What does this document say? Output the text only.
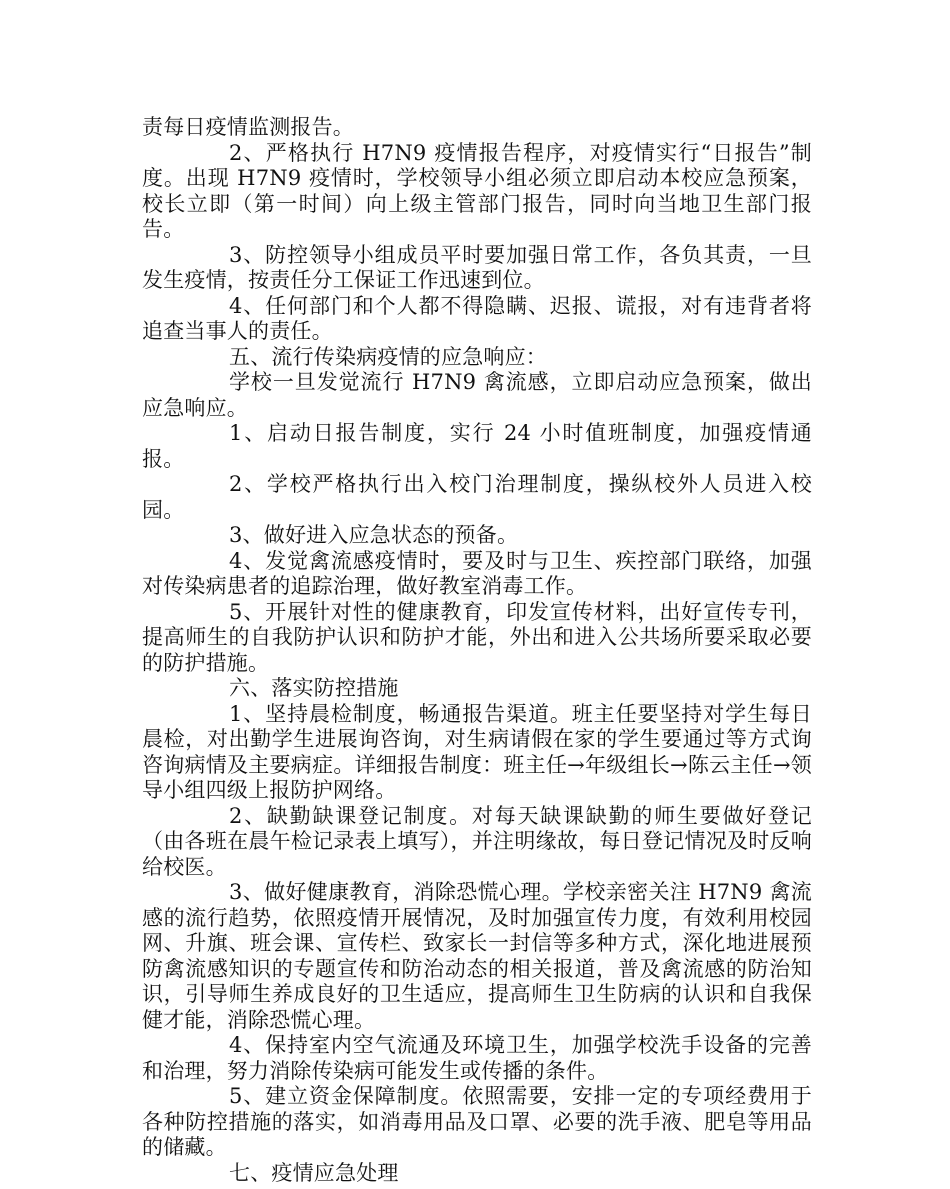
责每日疫情监测报告。

2、严格执行 H7N9 疫情报告程序，对疫情实行“日报告”制度。出现 H7N9 疫情时，学校领导小组必须立即启动本校应急预案，校长立即（第一时间）向上级主管部门报告，同时向当地卫生部门报告。

3、防控领导小组成员平时要加强日常工作，各负其责，一旦发生疫情，按责任分工保证工作迅速到位。

4、任何部门和个人都不得隐瞒、迟报、谎报，对有违背者将追查当事人的责任。

五、流行传染病疫情的应急响应：

学校一旦发觉流行 H7N9 禽流感，立即启动应急预案，做出应急响应。

1、启动日报告制度，实行 24 小时值班制度，加强疫情通报。

2、学校严格执行出入校门治理制度，操纵校外人员进入校园。

3、做好进入应急状态的预备。

4、发觉禽流感疫情时，要及时与卫生、疾控部门联络，加强对传染病患者的追踪治理，做好教室消毒工作。

5、开展针对性的健康教育，印发宣传材料，出好宣传专刊，提高师生的自我防护认识和防护才能，外出和进入公共场所要采取必要的防护措施。

六、落实防控措施

1、坚持晨检制度，畅通报告渠道。班主任要坚持对学生每日晨检，对出勤学生进展询咨询，对生病请假在家的学生要通过等方式询咨询病情及主要病症。详细报告制度：班主任→年级组长→陈云主任→领导小组四级上报防护网络。

2、缺勤缺课登记制度。对每天缺课缺勤的师生要做好登记（由各班在晨午检记录表上填写），并注明缘故，每日登记情况及时反响给校医。

3、做好健康教育，消除恐慌心理。学校亲密关注 H7N9 禽流感的流行趋势，依照疫情开展情况，及时加强宣传力度，有效利用校园网、升旗、班会课、宣传栏、致家长一封信等多种方式，深化地进展预防禽流感知识的专题宣传和防治动态的相关报道，普及禽流感的防治知识，引导师生养成良好的卫生适应，提高师生卫生防病的认识和自我保健才能，消除恐慌心理。

4、保持室内空气流通及环境卫生，加强学校洗手设备的完善和治理，努力消除传染病可能发生或传播的条件。

5、建立资金保障制度。依照需要，安排一定的专项经费用于各种防控措施的落实，如消毒用品及口罩、必要的洗手液、肥皂等用品的储藏。

七、疫情应急处理
